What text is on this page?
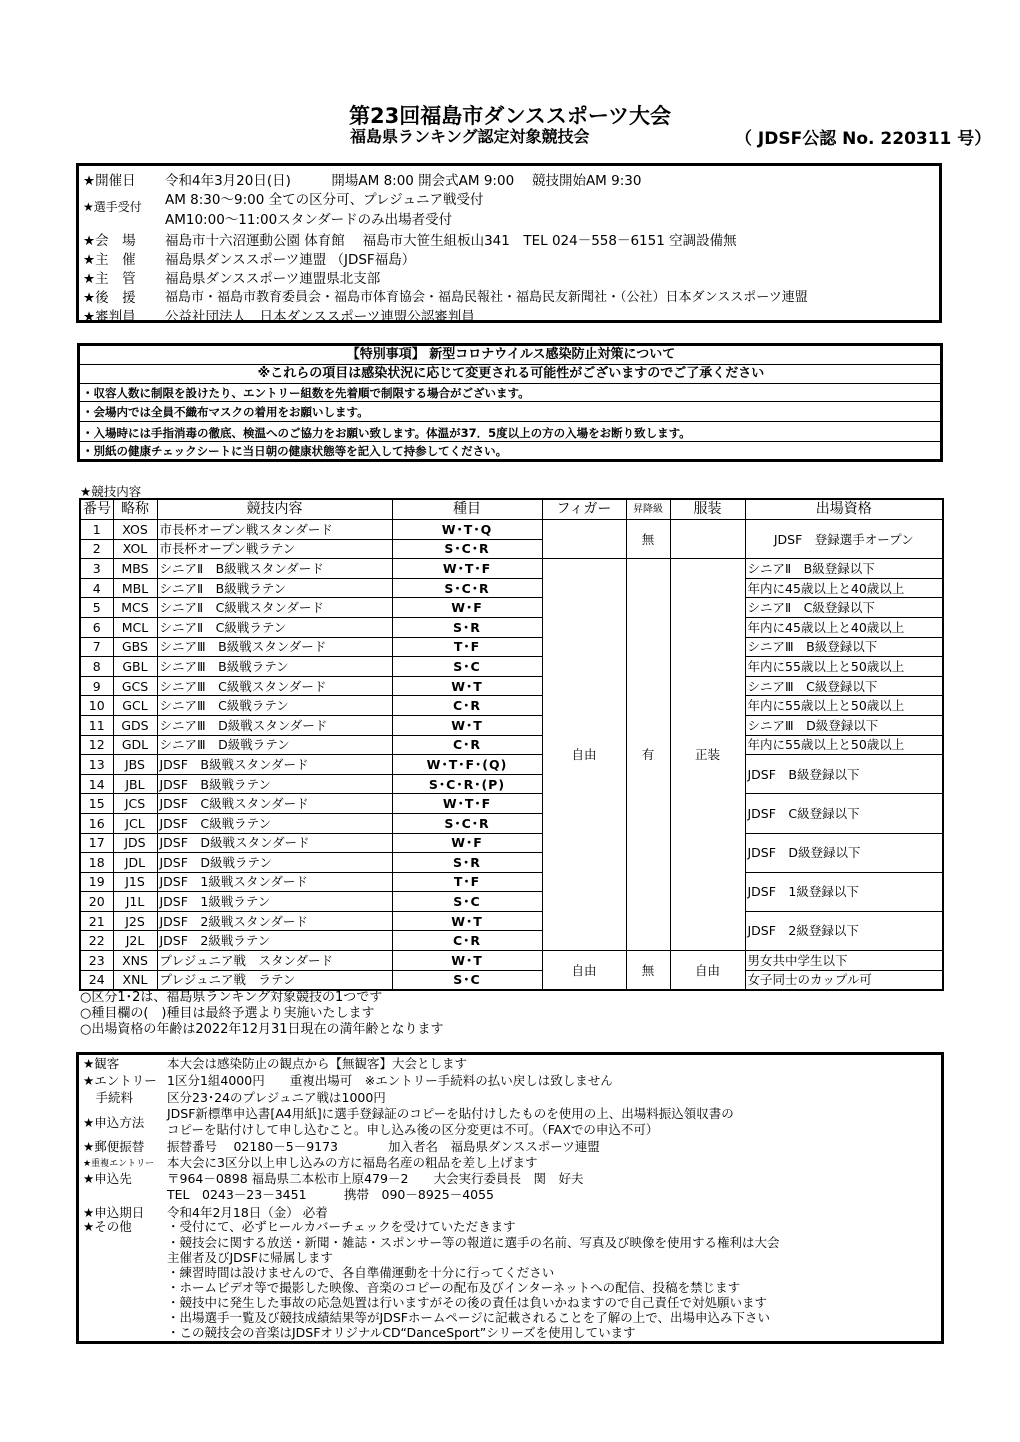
第23回福島市ダンススポーツ大会
福島県ランキング認定対象競技会	（ JDSF公認 No. 220311 号）
★開催日	令和4年3月20日(日)　　　開場AM 8:00 開会式AM 9:00　 競技開始AM 9:30
★選手受付	AM 8:30～9:00 全ての区分可、プレジュニア戦受付
AM10:00～11:00スタンダードのみ出場者受付
★会　場	福島市十六沼運動公園 体育館　 福島市大笹生組板山341　TEL 024－558－6151 空調設備無
★主　催	福島県ダンススポーツ連盟 （JDSF福島）
★主　管	福島県ダンススポーツ連盟県北支部
★後　援	福島市・福島市教育委員会・福島市体育協会・福島民報社・福島民友新聞社・（公社）日本ダンススポーツ連盟
★審判員	公益社団法人　日本ダンススポーツ連盟公認審判員
【特別事項】 新型コロナウイルス感染防止対策について
※これらの項目は感染状況に応じて変更される可能性がございますのでご了承ください
・収容人数に制限を設けたり、エントリー組数を先着順で制限する場合がございます。
・会場内では全員不織布マスクの着用をお願いします。
・入場時には手指消毒の徹底、検温へのご協力をお願い致します。体温が37．5度以上の方の入場をお断り致します。
・別紙の健康チェックシートに当日朝の健康状態等を記入して持参してください。
★競技内容
番号	略称	競技内容	種目	フィガー	昇降級	服装	出場資格
1	XOS	市長杯オープン戦スタンダード	W･T･Q		無		JDSF　登録選手オープン
2	XOL	市長杯オープン戦ラテン	S･C･R				
3	MBS	シニアⅡ　B級戦スタンダード	W･T･F	自由	有	正装	シニアⅡ　B級登録以下
4	MBL	シニアⅡ　B級戦ラテン	S･C･R				年内に45歳以上と40歳以上
5	MCS	シニアⅡ　C級戦スタンダード	W･F				シニアⅡ　C級登録以下
6	MCL	シニアⅡ　C級戦ラテン	S･R				年内に45歳以上と40歳以上
7	GBS	シニアⅢ　B級戦スタンダード	T･F				シニアⅢ　B級登録以下
8	GBL	シニアⅢ　B級戦ラテン	S･C				年内に55歳以上と50歳以上
9	GCS	シニアⅢ　C級戦スタンダード	W･T				シニアⅢ　C級登録以下
10	GCL	シニアⅢ　C級戦ラテン	C･R				年内に55歳以上と50歳以上
11	GDS	シニアⅢ　D級戦スタンダード	W･T				シニアⅢ　D級登録以下
12	GDL	シニアⅢ　D級戦ラテン	C･R				年内に55歳以上と50歳以上
13	JBS	JDSF　B級戦スタンダード	W･T･F･(Q)				JDSF　B級登録以下
14	JBL	JDSF　B級戦ラテン	S･C･R･(P)				
15	JCS	JDSF　C級戦スタンダード	W･T･F				JDSF　C級登録以下
16	JCL	JDSF　C級戦ラテン	S･C･R				
17	JDS	JDSF　D級戦スタンダード	W･F				JDSF　D級登録以下
18	JDL	JDSF　D級戦ラテン	S･R				
19	J1S	JDSF　1級戦スタンダード	T･F				JDSF　1級登録以下
20	J1L	JDSF　1級戦ラテン	S･C				
21	J2S	JDSF　2級戦スタンダード	W･T				JDSF　2級登録以下
22	J2L	JDSF　2級戦ラテン	C･R				
23	XNS	プレジュニア戦　スタンダード	W･T	自由	無	自由	男女共中学生以下
24	XNL	プレジュニア戦　ラテン	S･C				女子同士のカップル可
○区分1･2は、福島県ランキング対象競技の1つです
○種目欄の(　)種目は最終予選より実施いたします
○出場資格の年齢は2022年12月31日現在の満年齢となります
★観客	本大会は感染防止の観点から【無観客】大会とします
★エントリー 1区分1組4000円　　重複出場可　※エントリー手続料の払い戻しは致しません
　手続料	区分23･24のプレジュニア戦は1000円
★申込方法
JDSF新標準申込書[A4用紙]に選手登録証のコピーを貼付けしたものを使用の上、出場料振込領収書の
コピーを貼付けして申し込むこと。申し込み後の区分変更は不可。（FAXでの申込不可）
★郵便振替	振替番号　 02180－5－9173　　　　加入者名　福島県ダンススポーツ連盟
★重複エントリー	本大会に3区分以上申し込みの方に福島名産の粗品を差し上げます
★申込先	〒964－0898 福島県二本松市上原479－2　　大会実行委員長　関　好夫
TEL　0243－23－3451　　　携帯　090－8925－4055
★申込期日	令和4年2月18日（金） 必着
★その他	・受付にて、必ずヒールカバーチェックを受けていただきます
・競技会に関する放送・新聞・雑誌・スポンサー等の報道に選手の名前、写真及び映像を使用する権利は大会
主催者及びJDSFに帰属します
・練習時間は設けませんので、各自準備運動を十分に行ってください
・ホームビデオ等で撮影した映像、音楽のコピーの配布及びインターネットへの配信、投稿を禁じます
・競技中に発生した事故の応急処置は行いますがその後の責任は負いかねますので自己責任で対処願います
・出場選手一覧及び競技成績結果等がJDSFホームページに記載されることを了解の上で、出場申込み下さい
・この競技会の音楽はJDSFオリジナルCD“DanceSport”シリーズを使用しています
